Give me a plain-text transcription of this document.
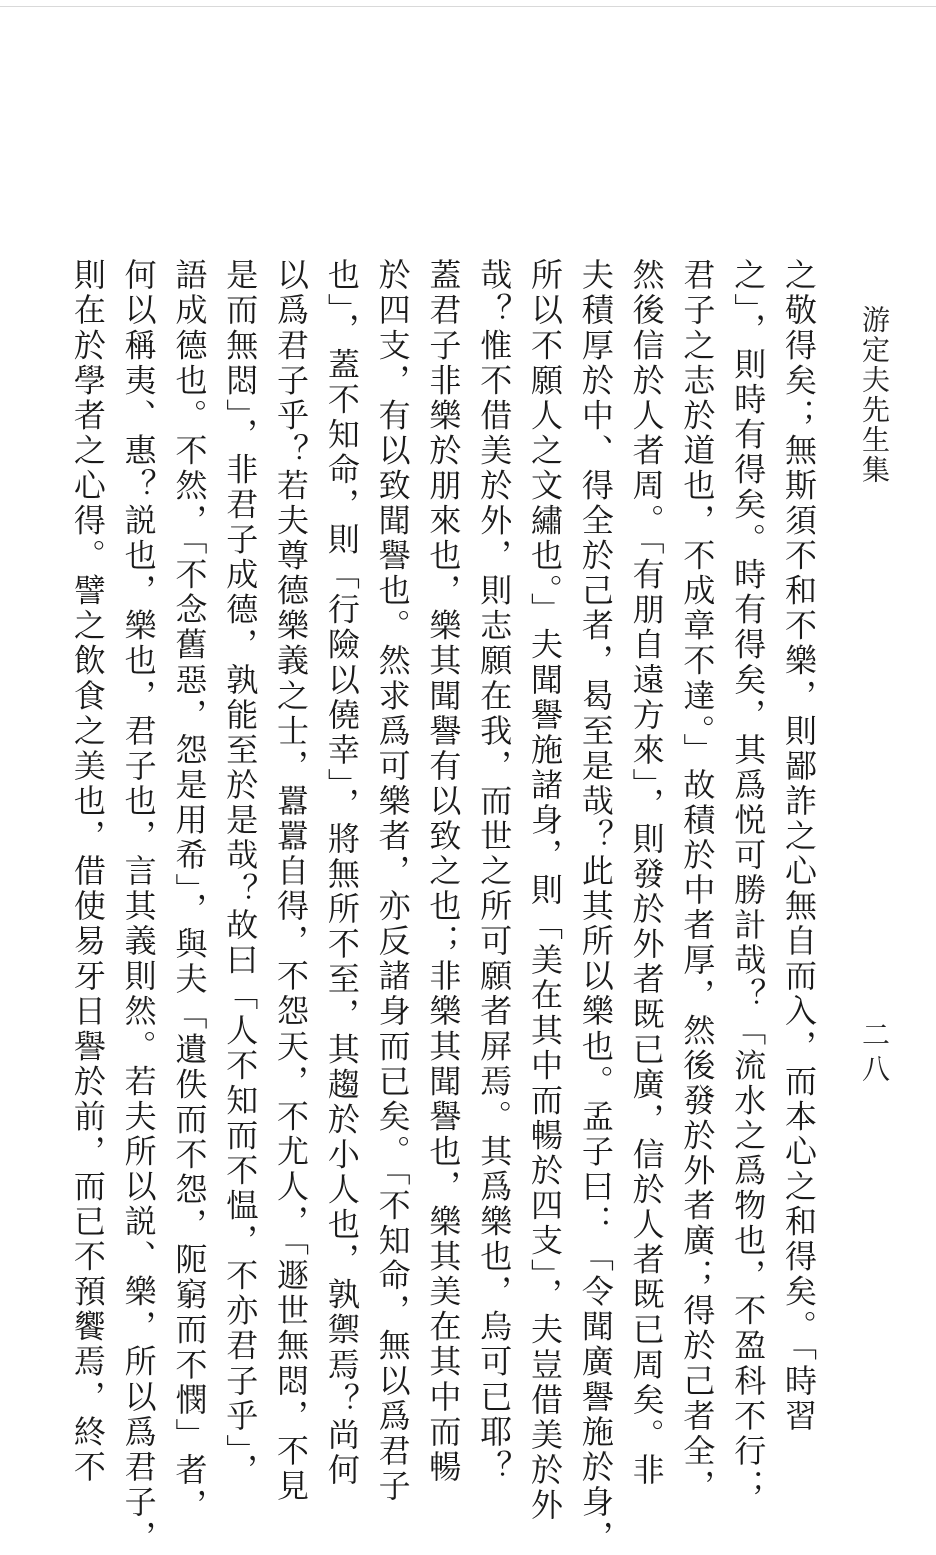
游定夫先生集
二八
之敬得矣；無斯須不和不樂，則鄙詐之心無自而入，而本心之和得矣。「時習
之」，則時有得矣。時有得矣，其爲悦可勝計哉？「流水之爲物也，不盈科不行；
君子之志於道也，不成章不達。」故積於中者厚，然後發於外者廣；得於己者全，
然後信於人者周。「有朋自遠方來」，則發於外者既已廣，信於人者既已周矣。非
夫積厚於中、得全於己者，曷至是哉？此其所以樂也。孟子曰：「令聞廣譽施於身，
所以不願人之文繡也。」夫聞譽施諸身，則「美在其中而暢於四支」，夫豈借美於外
哉？惟不借美於外，則志願在我，而世之所可願者屏焉。其爲樂也，烏可已耶？
蓋君子非樂於朋來也，樂其聞譽有以致之也；非樂其聞譽也，樂其美在其中而暢
於四支，有以致聞譽也。然求爲可樂者，亦反諸身而已矣。「不知命，無以爲君子
也」，蓋不知命，則「行險以僥幸」，將無所不至，其趨於小人也，孰禦焉？尚何
以爲君子乎？若夫尊德樂義之士，囂囂自得，不怨天，不尤人，「遯世無悶，不見
是而無悶」，非君子成德，孰能至於是哉？故曰「人不知而不愠，不亦君子乎」，
語成德也。不然，「不念舊惡，怨是用希」，與夫「遺佚而不怨，阨窮而不憫」者，
何以稱夷、惠？説也，樂也，君子也，言其義則然。若夫所以説、樂，所以爲君子，
則在於學者之心得。譬之飲食之美也，借使易牙日譽於前，而已不預饗焉，終不
